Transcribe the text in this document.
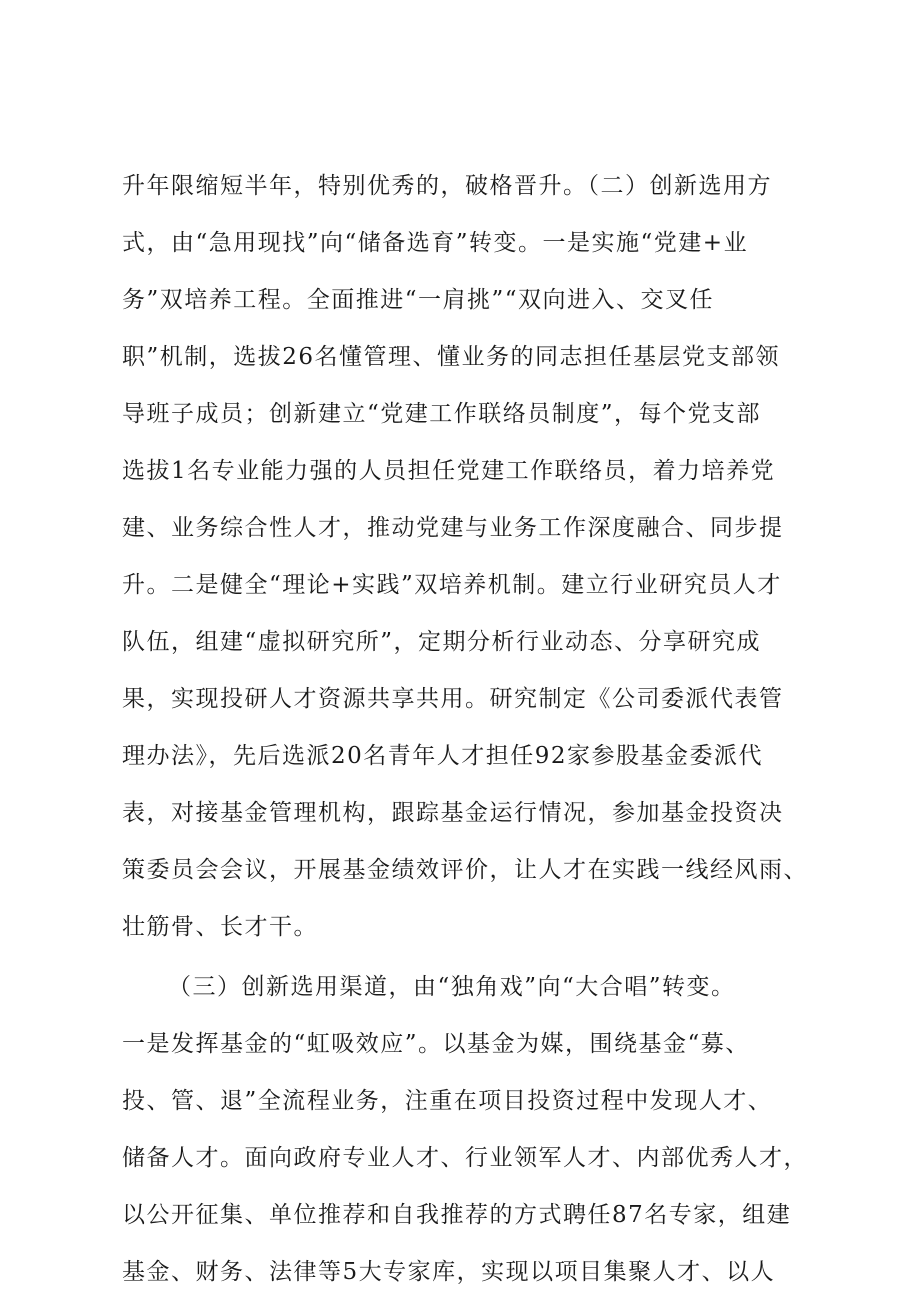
升年限缩短半年，特别优秀的，破格晋升。（二）创新选用方
式，由“急用现找”向“储备选育”转变。一是实施“党建+业
务”双培养工程。全面推进“一肩挑”“双向进入、交叉任
职”机制，选拔26名懂管理、懂业务的同志担任基层党支部领
导班子成员；创新建立“党建工作联络员制度”，每个党支部
选拔1名专业能力强的人员担任党建工作联络员，着力培养党
建、业务综合性人才，推动党建与业务工作深度融合、同步提
升。二是健全“理论+实践”双培养机制。建立行业研究员人才
队伍，组建“虚拟研究所”，定期分析行业动态、分享研究成
果，实现投研人才资源共享共用。研究制定《公司委派代表管
理办法》，先后选派20名青年人才担任92家参股基金委派代
表，对接基金管理机构，跟踪基金运行情况，参加基金投资决
策委员会会议，开展基金绩效评价，让人才在实践一线经风雨、
壮筋骨、长才干。
（三）创新选用渠道，由“独角戏”向“大合唱”转变。
一是发挥基金的“虹吸效应”。以基金为媒，围绕基金“募、
投、管、退”全流程业务，注重在项目投资过程中发现人才、
储备人才。面向政府专业人才、行业领军人才、内部优秀人才，
以公开征集、单位推荐和自我推荐的方式聘任87名专家，组建
基金、财务、法律等5大专家库，实现以项目集聚人才、以人
